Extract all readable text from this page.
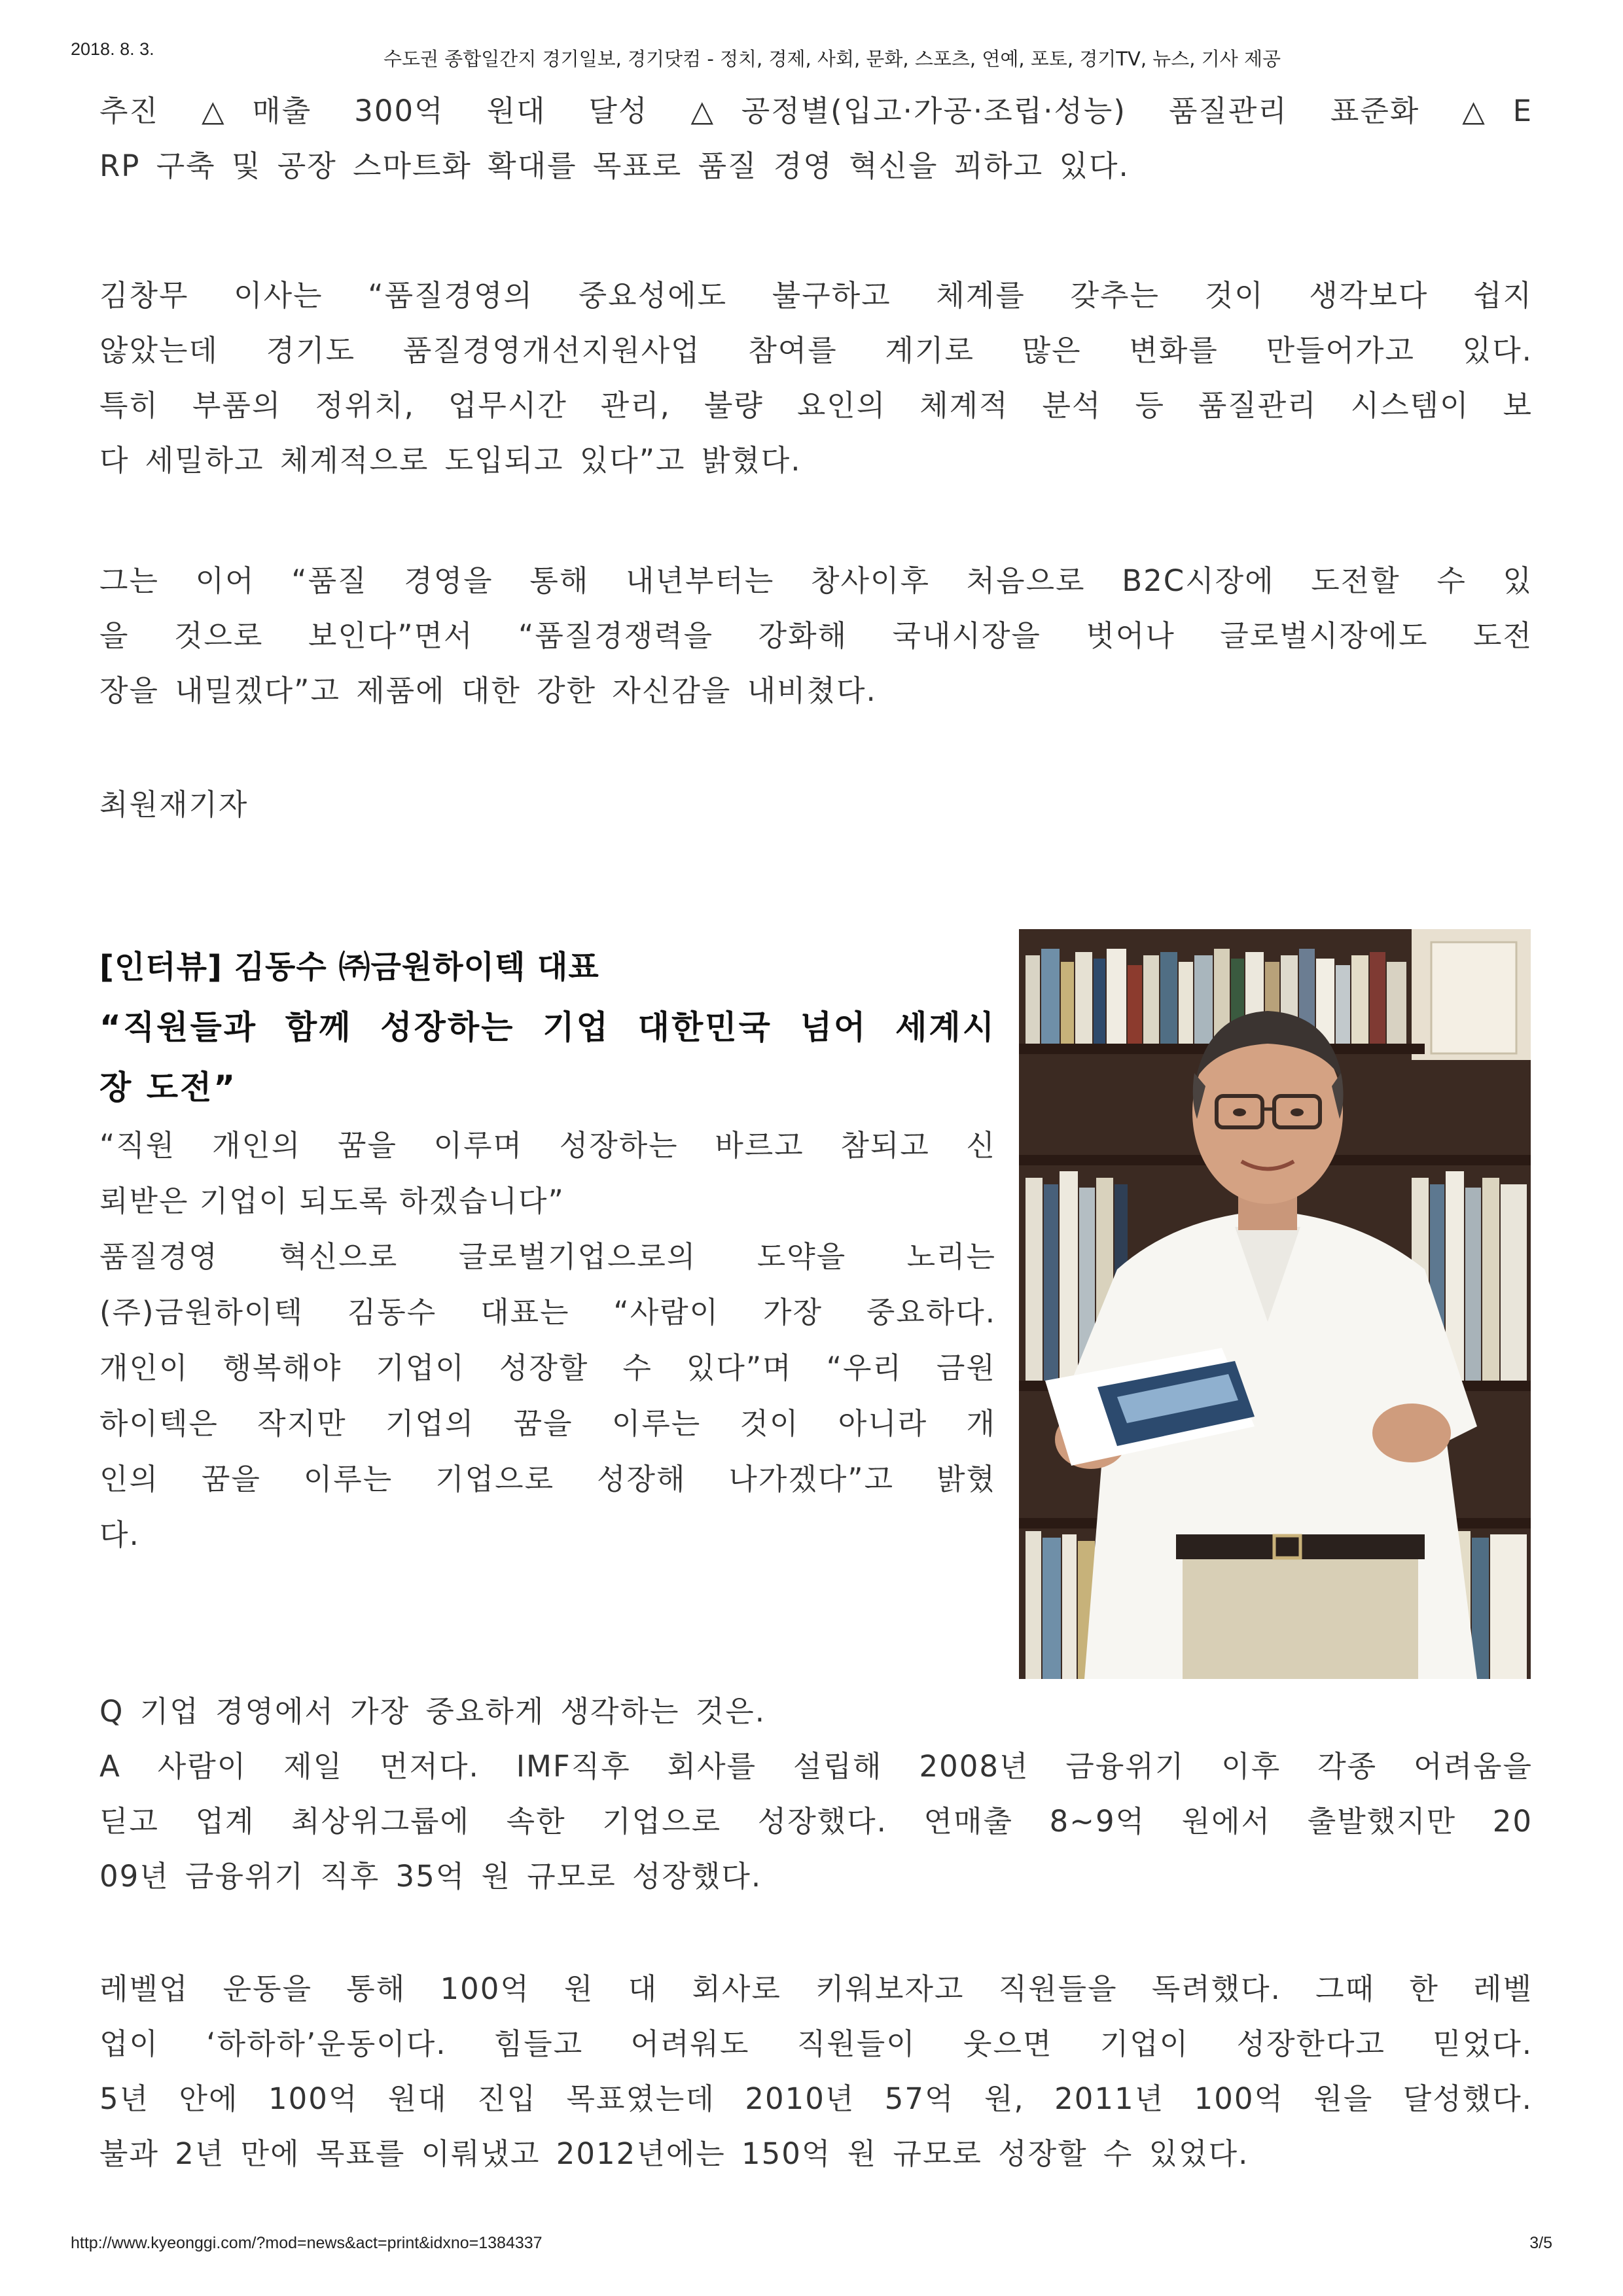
2018. 8. 3.	수도권 종합일간지 경기일보, 경기닷컴 - 정치, 경제, 사회, 문화, 스포츠, 연예, 포토, 경기TV, 뉴스, 기사 제공
추진 △매출 300억 원대 달성 △공정별(입고·가공·조립·성능) 품질관리 표준화 △E
RP 구축 및 공장 스마트화 확대를 목표로 품질 경영 혁신을 꾀하고 있다.
김창무 이사는 “품질경영의 중요성에도 불구하고 체계를 갖추는 것이 생각보다 쉽지
않았는데 경기도 품질경영개선지원사업 참여를 계기로 많은 변화를 만들어가고 있다.
특히 부품의 정위치, 업무시간 관리, 불량 요인의 체계적 분석 등 품질관리 시스템이 보
다 세밀하고 체계적으로 도입되고 있다”고 밝혔다.
그는 이어 “품질 경영을 통해 내년부터는 창사이후 처음으로 B2C시장에 도전할 수 있
을 것으로 보인다”면서 “품질경쟁력을 강화해 국내시장을 벗어나 글로벌시장에도 도전
장을 내밀겠다”고 제품에 대한 강한 자신감을 내비쳤다.
최원재기자
[인터뷰] 김동수 ㈜금원하이텍 대표
“직원들과 함께 성장하는 기업 대한민국 넘어 세계시
장 도전”
“직원 개인의 꿈을 이루며 성장하는 바르고 참되고 신
뢰받은 기업이 되도록 하겠습니다”
품질경영 혁신으로 글로벌기업으로의 도약을 노리는
(주)금원하이텍 김동수 대표는 “사람이 가장 중요하다.
개인이 행복해야 기업이 성장할 수 있다”며 “우리 금원
하이텍은 작지만 기업의 꿈을 이루는 것이 아니라 개
인의 꿈을 이루는 기업으로 성장해 나가겠다”고 밝혔
다.
Q 기업 경영에서 가장 중요하게 생각하는 것은.
A 사람이 제일 먼저다. IMF직후 회사를 설립해 2008년 금융위기 이후 각종 어려움을
딛고 업계 최상위그룹에 속한 기업으로 성장했다. 연매출 8~9억 원에서 출발했지만 20
09년 금융위기 직후 35억 원 규모로 성장했다.
레벨업 운동을 통해 100억 원 대 회사로 키워보자고 직원들을 독려했다. 그때 한 레벨
업이 ‘하하하’운동이다. 힘들고 어려워도 직원들이 웃으면 기업이 성장한다고 믿었다.
5년 안에 100억 원대 진입 목표였는데 2010년 57억 원, 2011년 100억 원을 달성했다.
불과 2년 만에 목표를 이뤄냈고 2012년에는 150억 원 규모로 성장할 수 있었다.
http://www.kyeonggi.com/?mod=news&act=print&idxno=1384337	3/5
